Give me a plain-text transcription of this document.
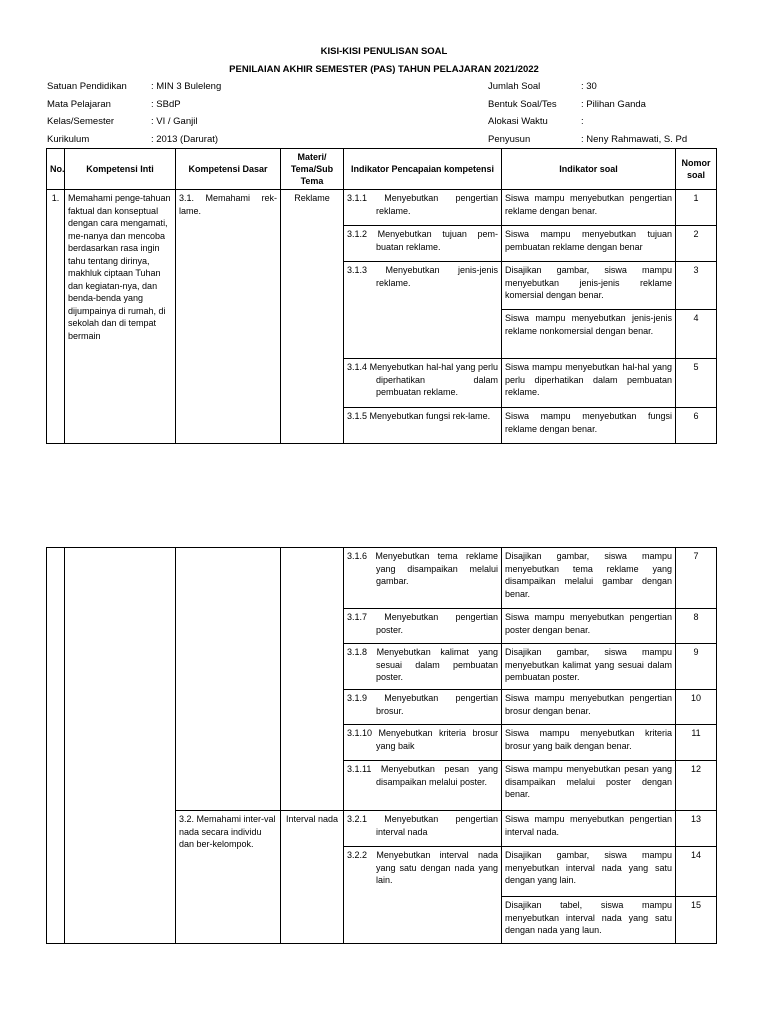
KISI-KISI PENULISAN SOAL
PENILAIAN AKHIR SEMESTER (PAS) TAHUN PELAJARAN 2021/2022
Satuan Pendidikan	: MIN 3 Buleleng
Mata Pelajaran	: SBdP
Kelas/Semester	: VI / Ganjil
Kurikulum	: 2013 (Darurat)
Jumlah Soal	: 30
Bentuk Soal/Tes	: Pilihan Ganda
Alokasi Waktu	:
Penyusun	: Neny Rahmawati, S. Pd
No.	Kompetensi Inti	Kompetensi Dasar	Materi/ Tema/Sub Tema	Indikator Pencapaian kompetensi	Indikator soal	Nomor soal
1.	Memahami penge-tahuan faktual dan konseptual dengan cara mengamati, me-nanya dan mencoba berdasarkan rasa ingin tahu tentang dirinya, makhluk ciptaan Tuhan dan kegiatan-nya, dan benda-benda yang dijumpainya di rumah, di sekolah dan di tempat bermain	3.1. Memahami rek-lame.	Reklame	3.1.1 Menyebutkan pengertian reklame.	Siswa mampu menyebutkan pengertian reklame dengan benar.	1
				3.1.2 Menyebutkan tujuan pem-buatan reklame.	Siswa mampu menyebutkan tujuan pembuatan reklame dengan benar	2
				3.1.3 Menyebutkan jenis-jenis reklame.	Disajikan gambar, siswa mampu menyebutkan jenis-jenis reklame komersial dengan benar.	3
					Siswa mampu menyebutkan jenis-jenis reklame nonkomersial dengan benar.	4
				3.1.4 Menyebutkan hal-hal yang perlu diperhatikan dalam pembuatan reklame.	Siswa mampu menyebutkan hal-hal yang perlu diperhatikan dalam pembuatan reklame.	5
				3.1.5 Menyebutkan fungsi rek-lame.	Siswa mampu menyebutkan fungsi reklame dengan benar.	6
				3.1.6 Menyebutkan tema reklame yang disampaikan melalui gambar.	Disajikan gambar, siswa mampu menyebutkan tema reklame yang disampaikan melalui gambar dengan benar.	7
				3.1.7 Menyebutkan pengertian poster.	Siswa mampu menyebutkan pengertian poster dengan benar.	8
				3.1.8 Menyebutkan kalimat yang sesuai dalam pembuatan poster.	Disajikan gambar, siswa mampu menyebutkan kalimat yang sesuai dalam pembuatan poster.	9
				3.1.9 Menyebutkan pengertian brosur.	Siswa mampu menyebutkan pengertian brosur dengan benar.	10
				3.1.10 Menyebutkan kriteria brosur yang baik	Siswa mampu menyebutkan kriteria brosur yang baik dengan benar.	11
				3.1.11 Menyebutkan pesan yang disampaikan melalui poster.	Siswa mampu menyebutkan pesan yang disampaikan melalui poster dengan benar.	12
		3.2. Memahami inter-val nada secara individu dan ber-kelompok.	Interval nada	3.2.1 Menyebutkan pengertian interval nada	Siswa mampu menyebutkan pengertian interval nada.	13
				3.2.2 Menyebutkan interval nada yang satu dengan nada yang lain.	Disajikan gambar, siswa mampu menyebutkan interval nada yang satu dengan yang lain.	14
					Disajikan tabel, siswa mampu menyebutkan interval nada yang satu dengan nada yang laun.	15
